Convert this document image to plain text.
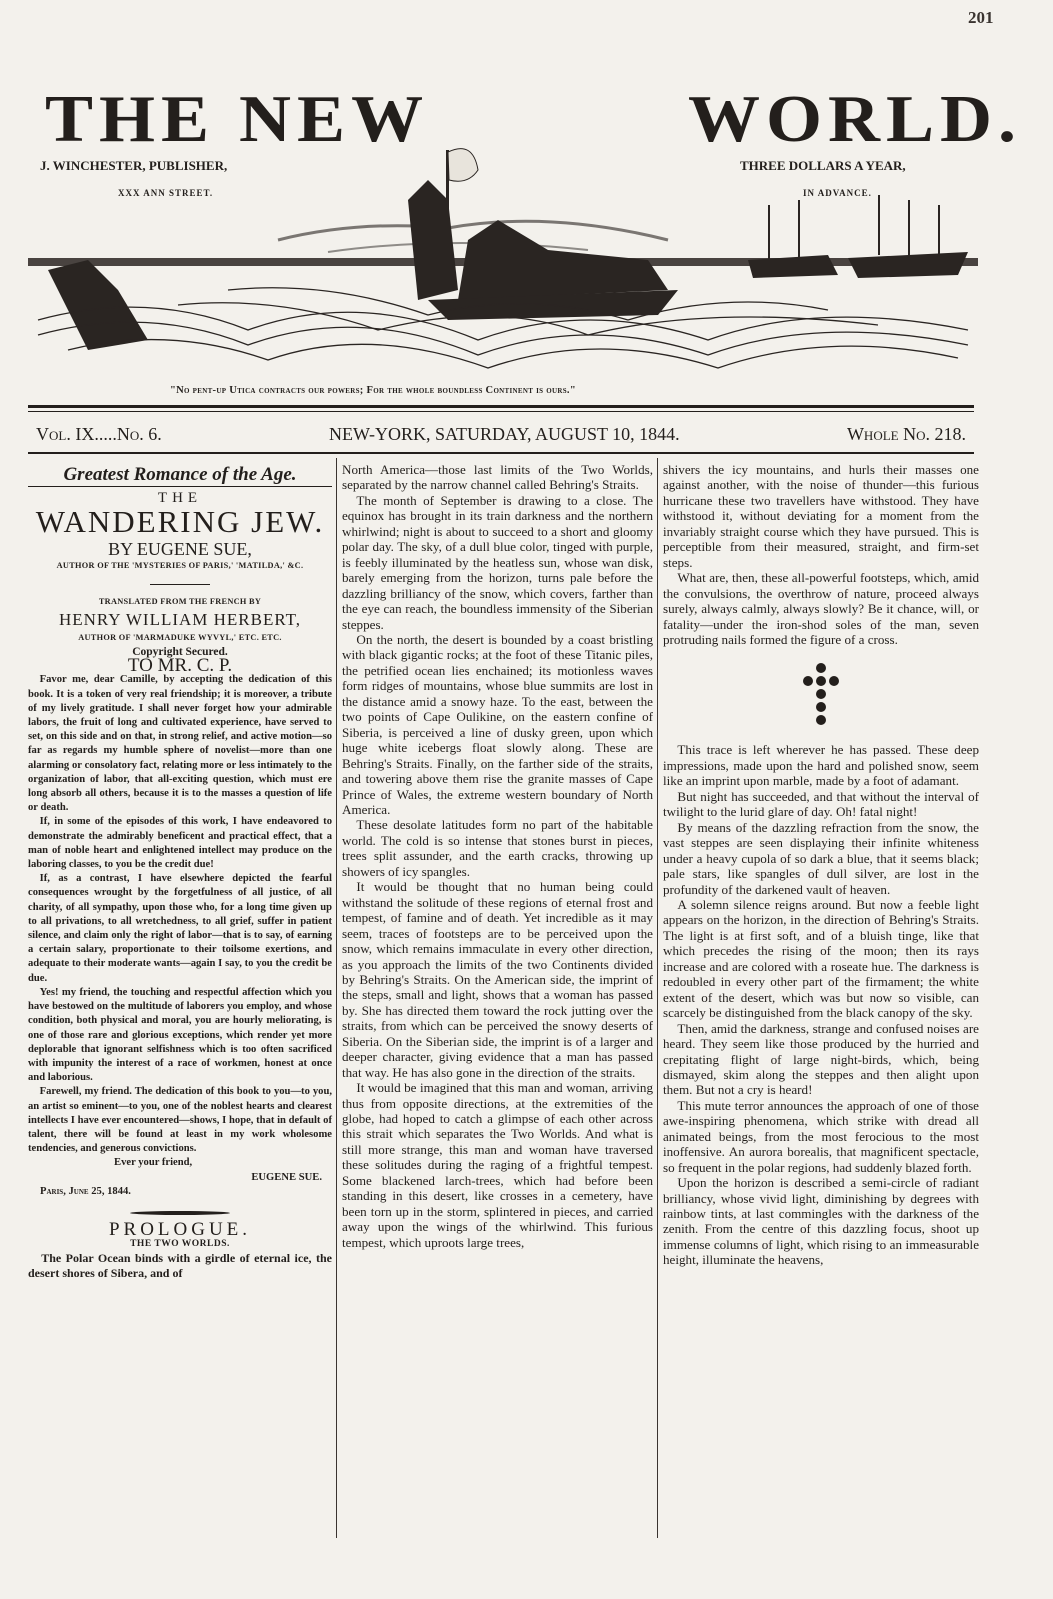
201
THE NEW	WORLD.
J. WINCHESTER, PUBLISHER,
XXX ANN STREET.
THREE DOLLARS A YEAR,
IN ADVANCE.
"No pent-up Utica contracts our powers; For the whole boundless Continent is ours."
Vol. IX.....No. 6.	NEW-YORK, SATURDAY, AUGUST 10, 1844.	Whole No. 218.
Greatest Romance of the Age.

THE

WANDERING JEW.

BY EUGENE SUE,

AUTHOR OF THE 'MYSTERIES OF PARIS,' 'MATILDA,' &C.

TRANSLATED FROM THE FRENCH BY

HENRY WILLIAM HERBERT,

AUTHOR OF 'MARMADUKE WYVYL,' ETC. ETC.

Copyright Secured.

TO MR. C. P.

Favor me, dear Camille, by accepting the dedication of this book. It is a token of very real friendship; it is moreover, a tribute of my lively gratitude. I shall never forget how your admirable labors, the fruit of long and cultivated experience, have served to set, on this side and on that, in strong relief, and active motion—so far as regards my humble sphere of novelist—more than one alarming or consolatory fact, relating more or less intimately to the organization of labor, that all-exciting question, which must ere long absorb all others, because it is to the masses a question of life or death.

If, in some of the episodes of this work, I have endeavored to demonstrate the admirably beneficent and practical effect, that a man of noble heart and enlightened intellect may produce on the laboring classes, to you be the credit due!

If, as a contrast, I have elsewhere depicted the fearful consequences wrought by the forgetfulness of all justice, of all charity, of all sympathy, upon those who, for a long time given up to all privations, to all wretchedness, to all grief, suffer in patient silence, and claim only the right of labor—that is to say, of earning a certain salary, proportionate to their toilsome exertions, and adequate to their moderate wants—again I say, to you the credit be due.

Yes! my friend, the touching and respectful affection which you have bestowed on the multitude of laborers you employ, and whose condition, both physical and moral, you are hourly meliorating, is one of those rare and glorious exceptions, which render yet more deplorable that ignorant selfishness which is too often sacrificed with impunity the interest of a race of workmen, honest at once and laborious.

Farewell, my friend. The dedication of this book to you—to you, an artist so eminent—to you, one of the noblest hearts and clearest intellects I have ever encountered—shows, I hope, that in default of talent, there will be found at least in my work wholesome tendencies, and generous convictions.

Ever your friend,

EUGENE SUE.

Paris, June 25, 1844.

PROLOGUE.

THE TWO WORLDS.

The Polar Ocean binds with a girdle of eternal ice, the desert shores of Sibera, and of

North America—those last limits of the Two Worlds, separated by the narrow channel called Behring's Straits.

The month of September is drawing to a close. The equinox has brought in its train darkness and the northern whirlwind; night is about to succeed to a short and gloomy polar day. The sky, of a dull blue color, tinged with purple, is feebly illuminated by the heatless sun, whose wan disk, barely emerging from the horizon, turns pale before the dazzling brilliancy of the snow, which covers, farther than the eye can reach, the boundless immensity of the Siberian steppes.

On the north, the desert is bounded by a coast bristling with black gigantic rocks; at the foot of these Titanic piles, the petrified ocean lies enchained; its motionless waves form ridges of mountains, whose blue summits are lost in the distance amid a snowy haze. To the east, between the two points of Cape Oulikine, on the eastern confine of Siberia, is perceived a line of dusky green, upon which huge white icebergs float slowly along. These are Behring's Straits. Finally, on the farther side of the straits, and towering above them rise the granite masses of Cape Prince of Wales, the extreme western boundary of North America.

These desolate latitudes form no part of the habitable world. The cold is so intense that stones burst in pieces, trees split assunder, and the earth cracks, throwing up showers of icy spangles.

It would be thought that no human being could withstand the solitude of these regions of eternal frost and tempest, of famine and of death. Yet incredible as it may seem, traces of footsteps are to be perceived upon the snow, which remains immaculate in every other direction, as you approach the limits of the two Continents divided by Behring's Straits. On the American side, the imprint of the steps, small and light, shows that a woman has passed by. She has directed them toward the rock jutting over the straits, from which can be perceived the snowy deserts of Siberia. On the Siberian side, the imprint is of a larger and deeper character, giving evidence that a man has passed that way. He has also gone in the direction of the straits.

It would be imagined that this man and woman, arriving thus from opposite directions, at the extremities of the globe, had hoped to catch a glimpse of each other across this strait which separates the Two Worlds. And what is still more strange, this man and woman have traversed these solitudes during the raging of a frightful tempest. Some blackened larch-trees, which had before been standing in this desert, like crosses in a cemetery, have been torn up in the storm, splintered in pieces, and carried away upon the wings of the whirlwind. This furious tempest, which uproots large trees,

shivers the icy mountains, and hurls their masses one against another, with the noise of thunder—this furious hurricane these two travellers have withstood. They have withstood it, without deviating for a moment from the invariably straight course which they have pursued. This is perceptible from their measured, straight, and firm-set steps.

What are, then, these all-powerful footsteps, which, amid the convulsions, the overthrow of nature, proceed always surely, always calmly, always slowly? Be it chance, will, or fatality—under the iron-shod soles of the man, seven protruding nails formed the figure of a cross.

This trace is left wherever he has passed. These deep impressions, made upon the hard and polished snow, seem like an imprint upon marble, made by a foot of adamant.

But night has succeeded, and that without the interval of twilight to the lurid glare of day. Oh! fatal night!

By means of the dazzling refraction from the snow, the vast steppes are seen displaying their infinite whiteness under a heavy cupola of so dark a blue, that it seems black; pale stars, like spangles of dull silver, are lost in the profundity of the darkened vault of heaven.

A solemn silence reigns around. But now a feeble light appears on the horizon, in the direction of Behring's Straits. The light is at first soft, and of a bluish tinge, like that which precedes the rising of the moon; then its rays increase and are colored with a roseate hue. The darkness is redoubled in every other part of the firmament; the white extent of the desert, which was but now so visible, can scarcely be distinguished from the black canopy of the sky.

Then, amid the darkness, strange and confused noises are heard. They seem like those produced by the hurried and crepitating flight of large night-birds, which, being dismayed, skim along the steppes and then alight upon them. But not a cry is heard!

This mute terror announces the approach of one of those awe-inspiring phenomena, which strike with dread all animated beings, from the most ferocious to the most inoffensive. An aurora borealis, that magnificent spectacle, so frequent in the polar regions, had suddenly blazed forth.

Upon the horizon is described a semi-circle of radiant brilliancy, whose vivid light, diminishing by degrees with rainbow tints, at last commingles with the darkness of the zenith. From the centre of this dazzling focus, shoot up immense columns of light, which rising to an immeasurable height, illuminate the heavens,
